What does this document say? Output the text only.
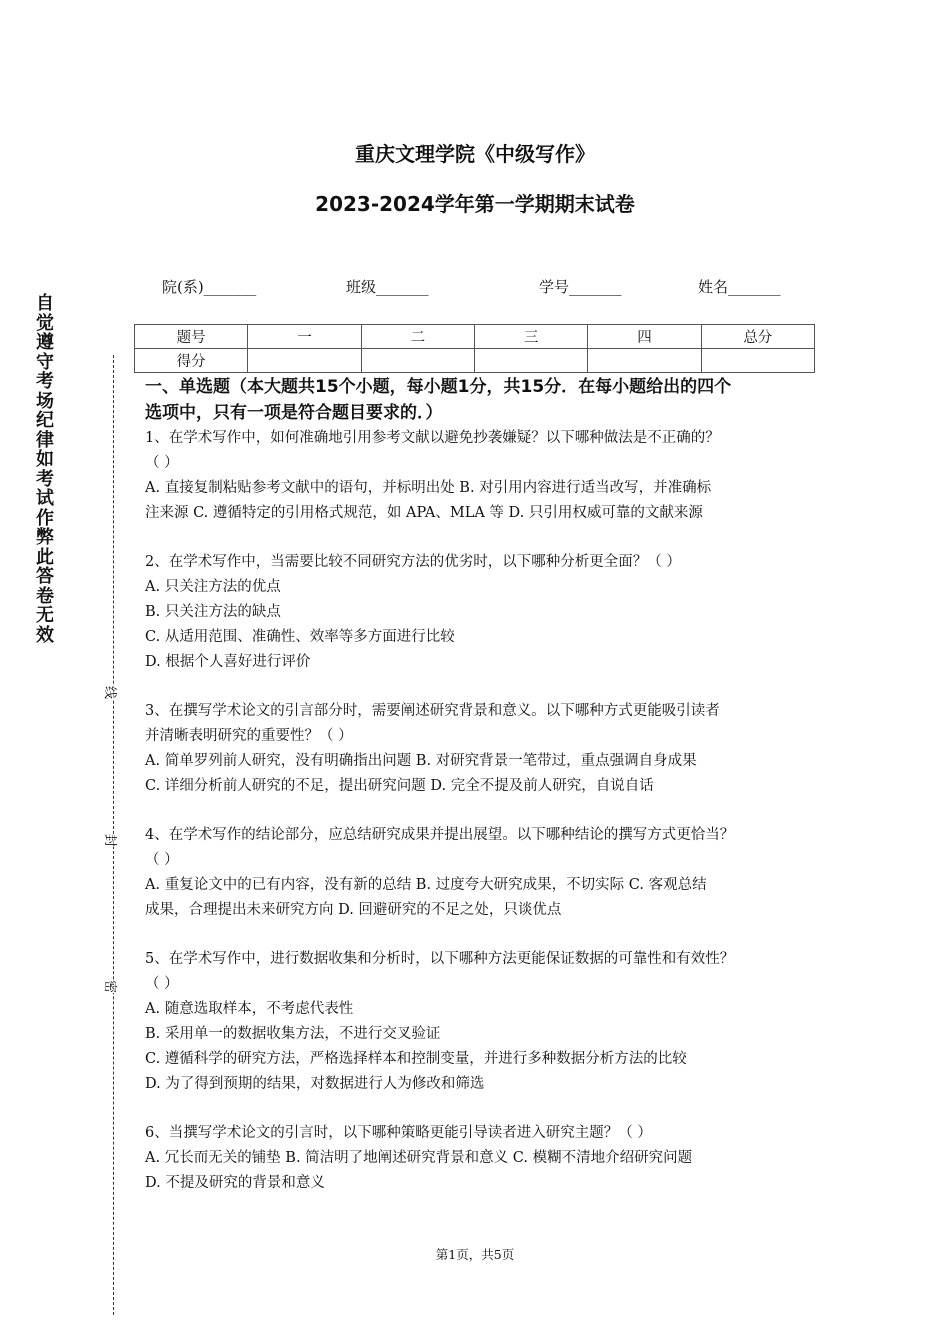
重庆文理学院《中级写作》
2023-2024学年第一学期期末试卷
自觉遵守考场纪律如考试作弊此答卷无效
线
封
密
院(系)_______	班级_______	学号_______	姓名_______
题号	一	二	三	四	总分
得分					
一、单选题（本大题共15个小题，每小题1分，共15分．在每小题给出的四个
选项中，只有一项是符合题目要求的．）
1、在学术写作中，如何准确地引用参考文献以避免抄袭嫌疑？以下哪种做法是不正确的？
（ ）
A. 直接复制粘贴参考文献中的语句，并标明出处 B. 对引用内容进行适当改写，并准确标
注来源 C. 遵循特定的引用格式规范，如 APA、MLA 等 D. 只引用权威可靠的文献来源
2、在学术写作中，当需要比较不同研究方法的优劣时，以下哪种分析更全面？（ ）
A. 只关注方法的优点
B. 只关注方法的缺点
C. 从适用范围、准确性、效率等多方面进行比较
D. 根据个人喜好进行评价
3、在撰写学术论文的引言部分时，需要阐述研究背景和意义。以下哪种方式更能吸引读者
并清晰表明研究的重要性？（ ）
A. 简单罗列前人研究，没有明确指出问题 B. 对研究背景一笔带过，重点强调自身成果
C. 详细分析前人研究的不足，提出研究问题 D. 完全不提及前人研究，自说自话
4、在学术写作的结论部分，应总结研究成果并提出展望。以下哪种结论的撰写方式更恰当？
（ ）
A. 重复论文中的已有内容，没有新的总结 B. 过度夸大研究成果，不切实际 C. 客观总结
成果，合理提出未来研究方向 D. 回避研究的不足之处，只谈优点
5、在学术写作中，进行数据收集和分析时，以下哪种方法更能保证数据的可靠性和有效性？
（ ）
A. 随意选取样本，不考虑代表性
B. 采用单一的数据收集方法，不进行交叉验证
C. 遵循科学的研究方法，严格选择样本和控制变量，并进行多种数据分析方法的比较
D. 为了得到预期的结果，对数据进行人为修改和筛选
6、当撰写学术论文的引言时，以下哪种策略更能引导读者进入研究主题？（ ）
A. 冗长而无关的铺垫 B. 简洁明了地阐述研究背景和意义 C. 模糊不清地介绍研究问题
D. 不提及研究的背景和意义
第1页，共5页
